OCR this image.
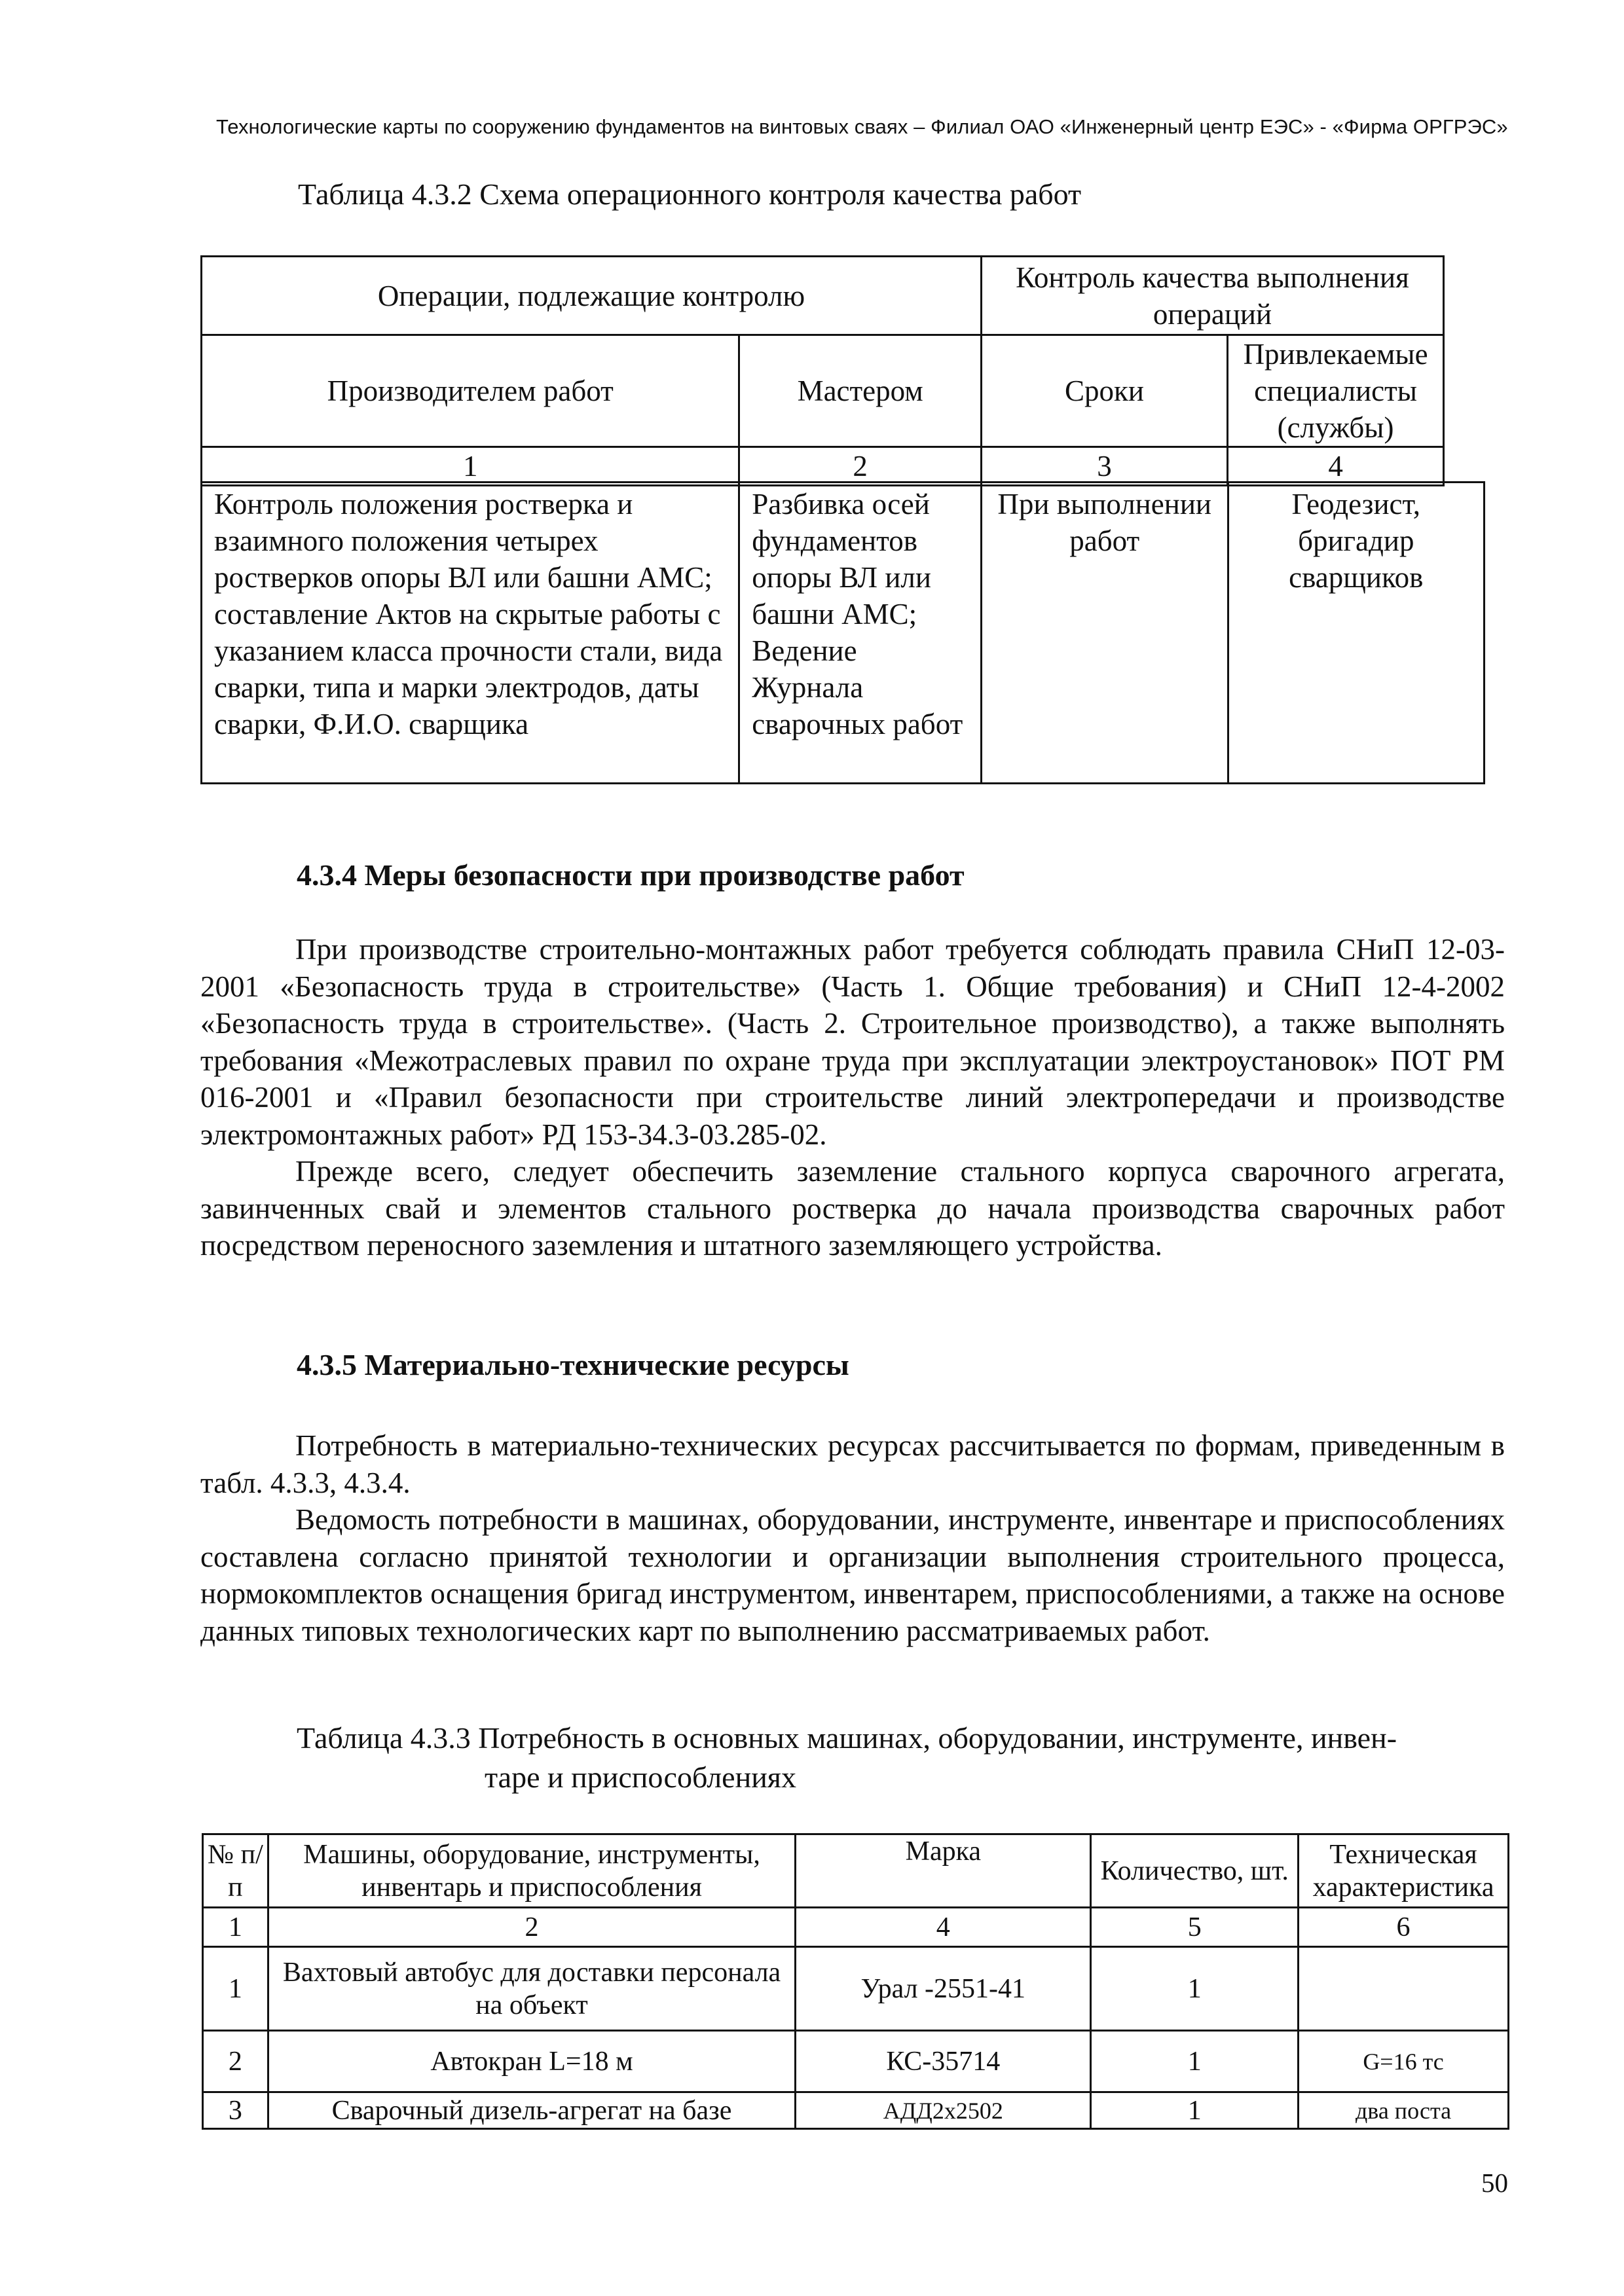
Технологические карты по сооружению фундаментов на винтовых сваях – Филиал ОАО «Инженерный центр ЕЭС» - «Фирма ОРГРЭС»
Таблица 4.3.2 Схема операционного контроля качества работ
Операции, подлежащие контролю		Контроль качества выполнения операций	
Производителем работ	Мастером	Сроки	Привлекаемые специалисты (службы)
1	2	3	4
Контроль положения ростверка и взаимного положения четырех ростверков опоры ВЛ или башни АМС; составление Актов на скрытые работы с указанием класса прочности стали, вида сварки, типа и марки электродов, даты сварки, Ф.И.О. сварщика	Разбивка осей фундаментов опоры ВЛ или башни АМС; Ведение Журнала сварочных работ	При выполнении работ	Геодезист, бригадир сварщиков
4.3.4 Меры безопасности при производстве работ

При производстве строительно-монтажных работ требуется соблюдать правила СНиП 12-03-2001 «Безопасность труда в строительстве» (Часть 1. Общие требования) и СНиП 12-4-2002 «Безопасность труда в строительстве». (Часть 2. Строительное производство), а также выполнять требования «Межотраслевых правил по охране труда при эксплуатации электроустановок» ПОТ РМ 016-2001 и «Правил безопасности при строительстве линий электропередачи и производстве электромонтажных работ» РД 153-34.3-03.285-02.

Прежде всего, следует обеспечить заземление стального корпуса сварочного агрегата, завинченных свай и элементов стального ростверка до начала производства сварочных работ посредством переносного заземления и штатного заземляющего устройства.

4.3.5 Материально-технические ресурсы

Потребность в материально-технических ресурсах рассчитывается по формам, приведенным в табл. 4.3.3, 4.3.4.

Ведомость потребности в машинах, оборудовании, инструменте, инвентаре и приспособлениях составлена согласно принятой технологии и организации выполнения строительного процесса, нормокомплектов оснащения бригад инструментом, инвентарем, приспособлениями, а также на основе данных типовых технологических карт по выполнению рассматриваемых работ.

Таблица 4.3.3 Потребность в основных машинах, оборудовании, инструменте, инвен-
таре и приспособлениях
№ п/п	Машины, оборудование, инструменты, инвентарь и приспособления	Марка	Количество, шт.	Техническая характеристика
1	2	4	5	6
1	Вахтовый автобус для доставки персонала на объект	Урал -2551-41	1	
2	Автокран L=18 м	КС-35714	1	G=16 тс
3	Сварочный дизель-агрегат на базе	АДД2х2502	1	два поста
50
